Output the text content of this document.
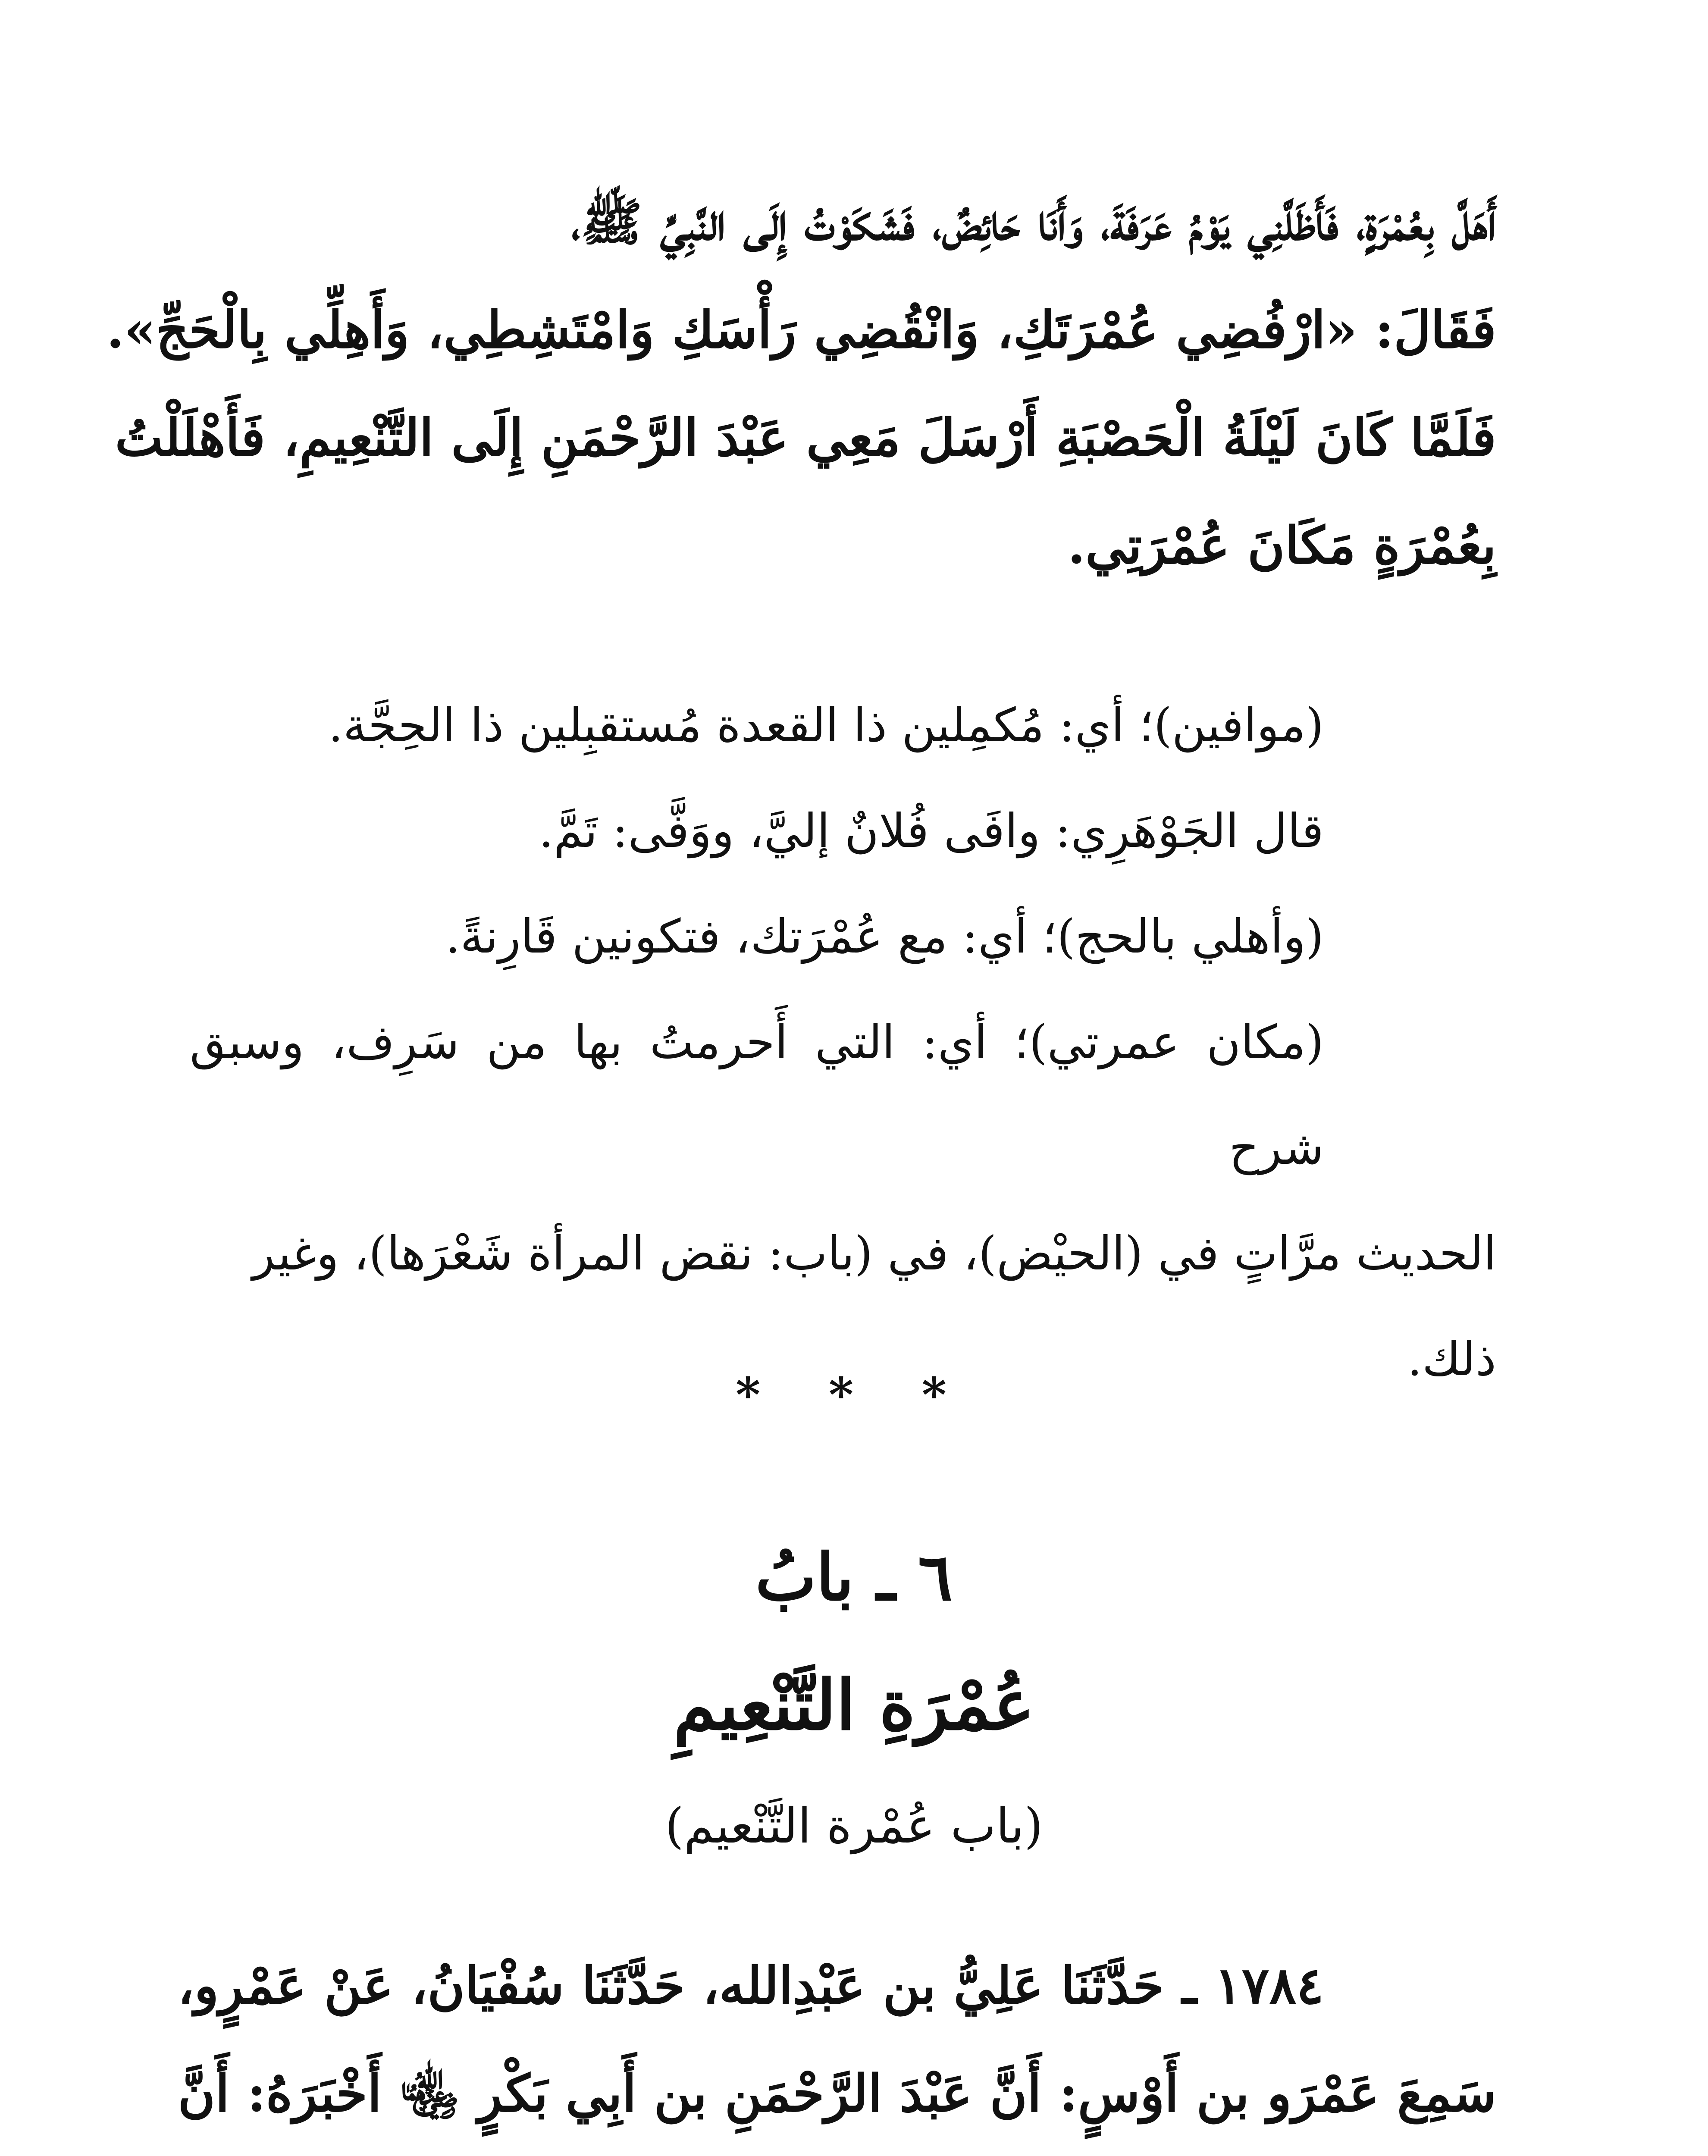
أَهَلَّ بِعُمْرَةٍ، فَأَظَلَّنِي يَوْمُ عَرَفَةَ، وَأَنَا حَائِضٌ، فَشَكَوْتُ إِلَى النَّبِيِّ ﷺ،
فَقَالَ: «ارْفُضِي عُمْرَتَكِ، وَانْقُضِي رَأْسَكِ وَامْتَشِطِي، وَأَهِلِّي بِالْحَجِّ».
فَلَمَّا كَانَ لَيْلَةُ الْحَصْبَةِ أَرْسَلَ مَعِي عَبْدَ الرَّحْمَنِ إِلَى التَّنْعِيمِ، فَأَهْلَلْتُ
بِعُمْرَةٍ مَكَانَ عُمْرَتِي.

(موافين)؛ أي: مُكمِلين ذا القعدة مُستقبِلين ذا الحِجَّة.

قال الجَوْهَرِي: وافَى فُلانٌ إليَّ، ووَفَّى: تَمَّ.

(وأهلي بالحج)؛ أي: مع عُمْرَتك، فتكونين قَارِنةً.

(مكان عمرتي)؛ أي: التي أَحرمتُ بها من سَرِف، وسبق شرح

الحديث مرَّاتٍ في (الحيْض)، في (باب: نقض المرأة شَعْرَها)، وغير

ذلك.

* * *
٦ ـ بابُ
عُمْرَةِ التَّنْعِيمِ
(باب عُمْرة التَّنْعيم)
١٧٨٤ ـ حَدَّثَنَا عَلِيُّ بن عَبْدِالله، حَدَّثَنَا سُفْيَانُ، عَنْ عَمْرٍو،
سَمِعَ عَمْرَو بن أَوْسٍ: أَنَّ عَبْدَ الرَّحْمَنِ بن أَبِي بَكْرٍ ﵄ أَخْبَرَهُ: أَنَّ
